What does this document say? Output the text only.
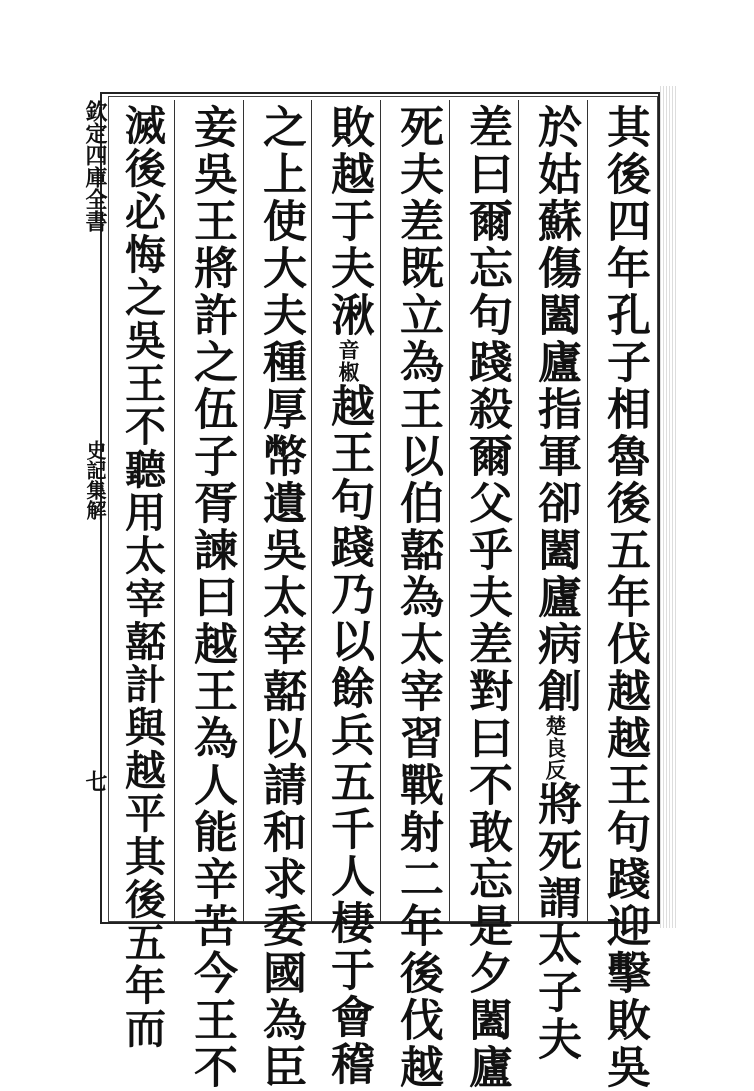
欽定四庫全書
史記集解
七	其後四年孔子相魯後五年伐越越王句踐迎擊敗吳
於姑蘇傷闔廬指軍卻闔廬病創楚良反將死謂太子夫
差曰爾忘句踐殺爾父乎夫差對曰不敢忘是夕闔廬
死夫差既立為王以伯嚭為太宰習戰射二年後伐越
敗越于夫湫音椒越王句踐乃以餘兵五千人棲于會稽
之上使大夫種厚幣遺吳太宰嚭以請和求委國為臣
妾吳王將許之伍子胥諫曰越王為人能辛苦今王不
滅後必悔之吳王不聽用太宰嚭計與越平其後五年而
